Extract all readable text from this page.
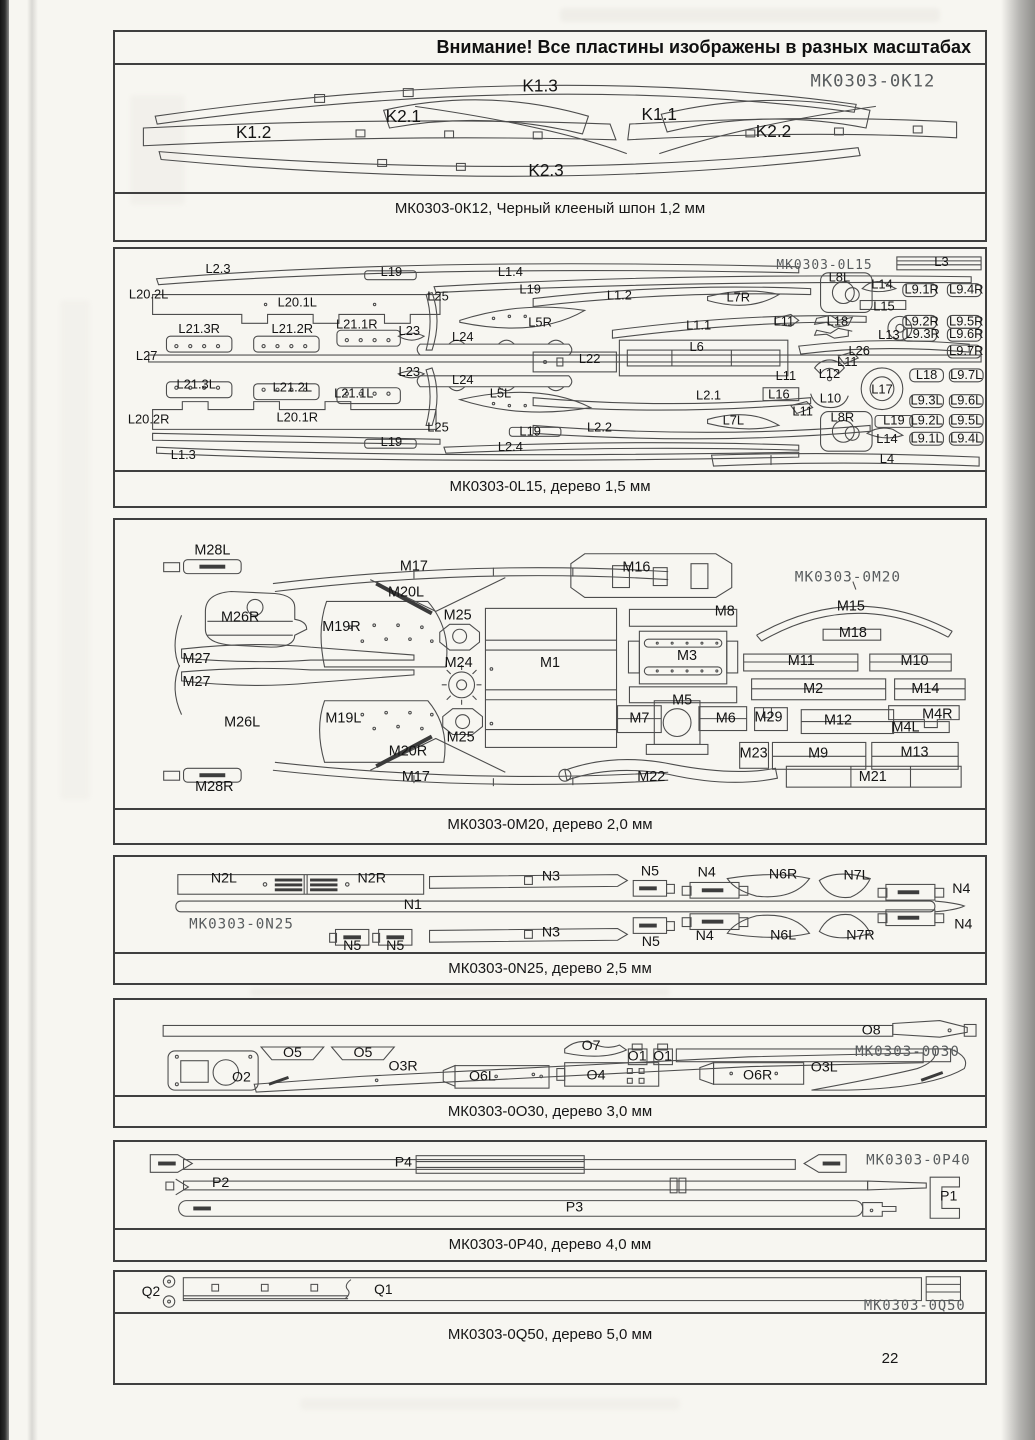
Внимание! Все пластины изображены в разных масштабах
МК0303-0К12
K1.3
K2.1	K1.1
K1.2	K2.2
K2.3
МК0303-0К12, Черный клееный шпон 1,2 мм
МК0303-0L15
L2.3	L19	L1.4
L3
L20.2L
L20.1L	L25	L19	L1.2	L7R
L8L L14 L9.1R L9.4R
L15
L9.2R L9.5R
L21.3R	L21.2R L21.1R L23 L24
L5R	L1.1	L11	L18
L13 L9.3R L9.6R
L27	L22
L6	L26	L9.7R
L11
L23
L24	L11 L12	L18 L9.7L
L21.3L	L21.2L L21.1L	L5L	L2.1	L16	L17
L10	L9.3L L9.6L
L11 L8R L19 L9.2L L9.5L
L20.2R	L20.1R
L25	L19	L2.2	L7L
L14 L9.1L L9.4L
L19	L2.4
L1.3	L4
МК0303-0L15, дерево 1,5 мм
МК0303-0М20
M28L
M17	M16
M20L
M26R
M19R
M25	M8	M15
M18
M27
M27
M24	M1	M3	M11	M10
M2	M14
M5
M7	M6 M29	M12	M4R
M4L
M26L	M19L
M25
M20R	M23	M9	M13
M28R
M17	M22	M21
МК0303-0М20, дерево 2,0 мм
МК0303-0N25
N2L	N2R	N3
N1
N3
N5 N5
N5	N4	N6R	N7L
N4
N4	N6L	N7R
N5
N4
МК0303-0N25, дерево 2,5 мм
МК0303-0О30
O8
O5	O5
O2
O3R
O6L	O4
O7
O1 O1
O6R	O3L
МК0303-0О30, дерево 3,0 мм
МК0303-0P40
P4
P2
P3
P1
МК0303-0P40, дерево 4,0 мм
МК0303-0Q50
Q2	Q1
МК0303-0Q50, дерево 5,0 мм
22
